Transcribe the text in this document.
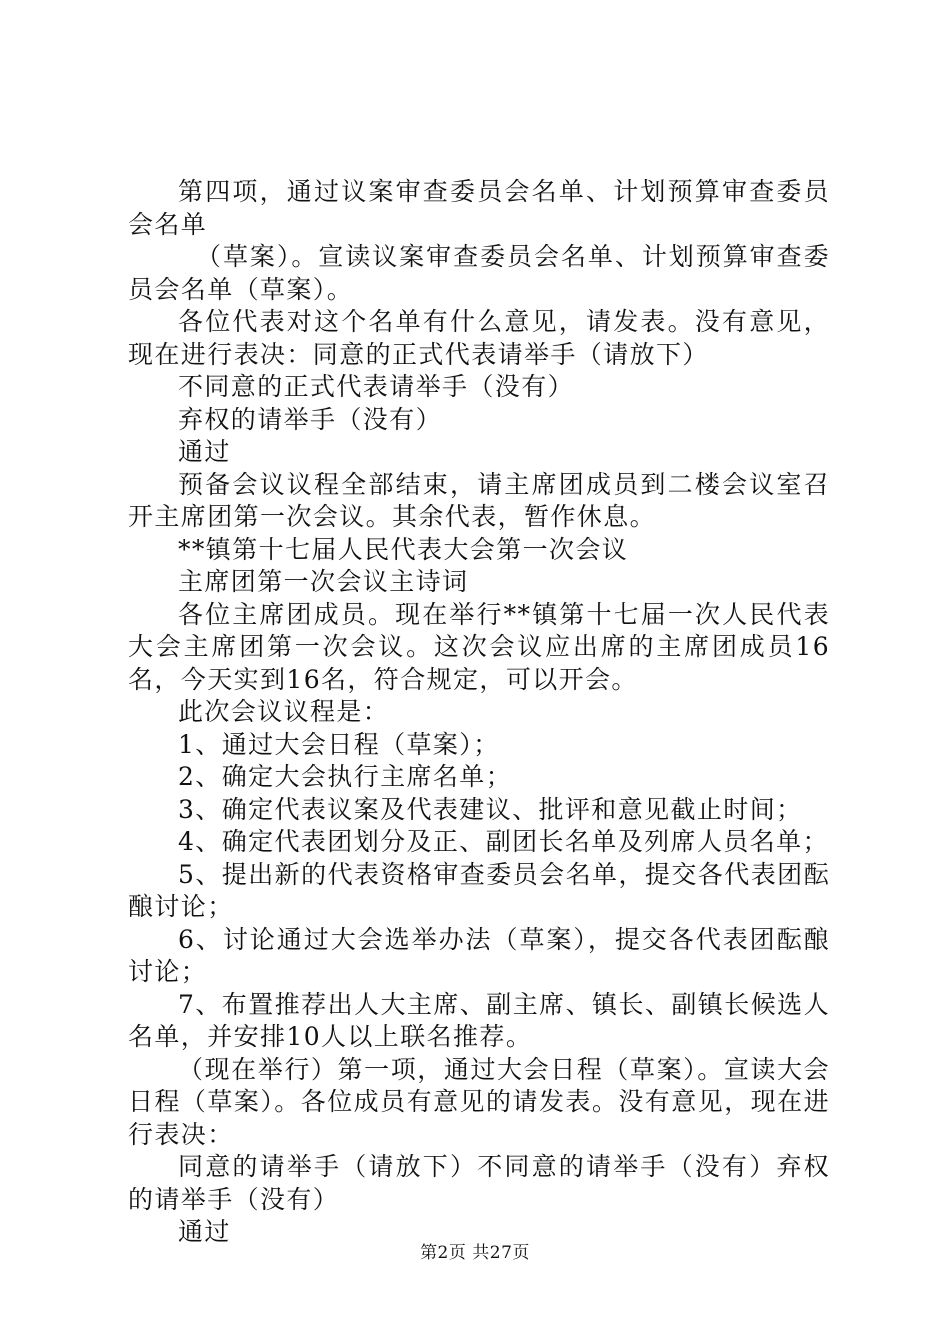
第四项，通过议案审查委员会名单、计划预算审查委员会名单

（草案）。宣读议案审查委员会名单、计划预算审查委员会名单（草案）。

各位代表对这个名单有什么意见，请发表。没有意见，现在进行表决：同意的正式代表请举手（请放下）

不同意的正式代表请举手（没有）

弃权的请举手（没有）

通过

预备会议议程全部结束，请主席团成员到二楼会议室召开主席团第一次会议。其余代表，暂作休息。

**镇第十七届人民代表大会第一次会议

主席团第一次会议主诗词

各位主席团成员。现在举行**镇第十七届一次人民代表大会主席团第一次会议。这次会议应出席的主席团成员16名，今天实到16名，符合规定，可以开会。

此次会议议程是：

1、通过大会日程（草案）；

2、确定大会执行主席名单；

3、确定代表议案及代表建议、批评和意见截止时间；

4、确定代表团划分及正、副团长名单及列席人员名单；

5、提出新的代表资格审查委员会名单，提交各代表团酝酿讨论；

6、讨论通过大会选举办法（草案），提交各代表团酝酿讨论；

7、布置推荐出人大主席、副主席、镇长、副镇长候选人名单，并安排10人以上联名推荐。

（现在举行）第一项，通过大会日程（草案）。宣读大会日程（草案）。各位成员有意见的请发表。没有意见，现在进行表决：

同意的请举手（请放下）不同意的请举手（没有）弃权的请举手（没有）

通过

第2页 共27页
